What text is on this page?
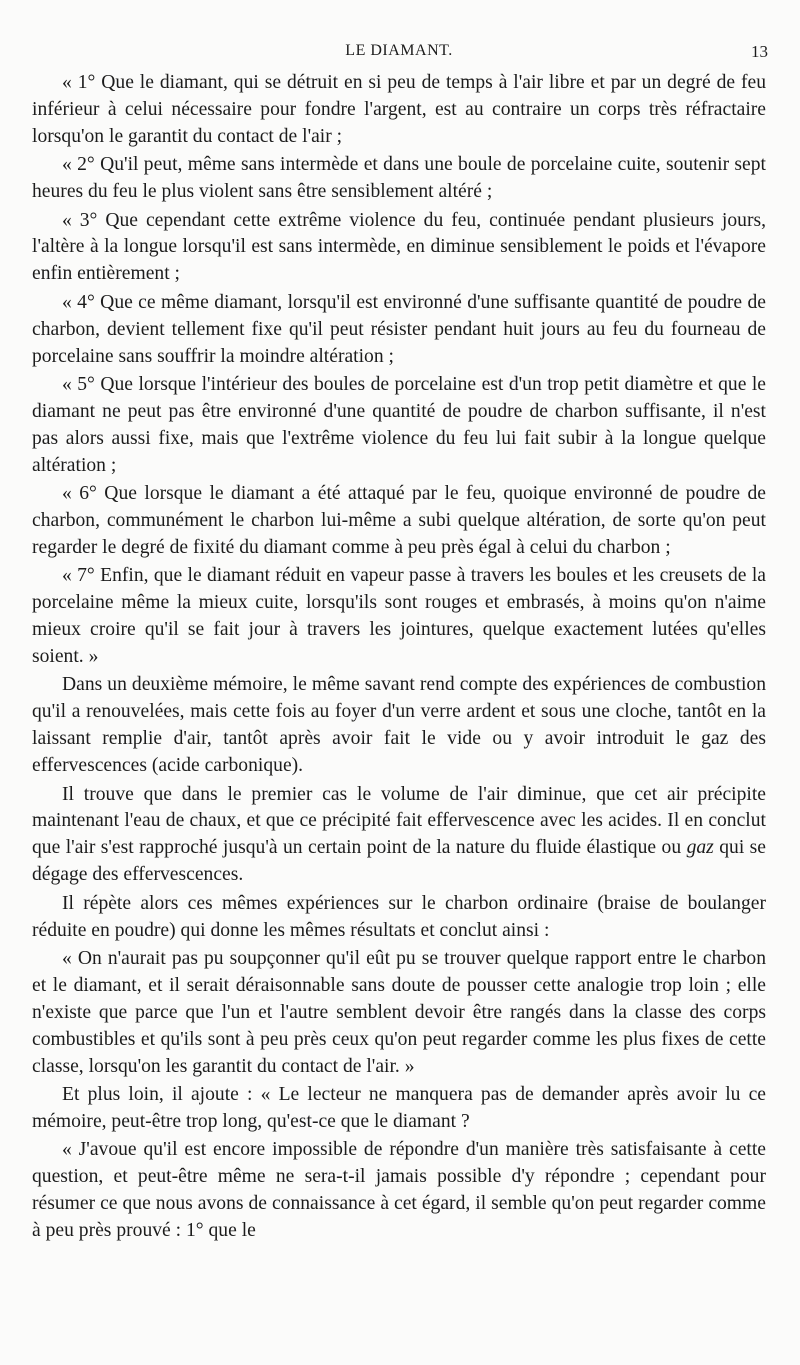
LE DIAMANT.	13

« 1° Que le diamant, qui se détruit en si peu de temps à l'air libre et par un degré de feu inférieur à celui nécessaire pour fondre l'argent, est au contraire un corps très réfractaire lorsqu'on le garantit du contact de l'air ;

« 2° Qu'il peut, même sans intermède et dans une boule de porcelaine cuite, soutenir sept heures du feu le plus violent sans être sensiblement altéré ;

« 3° Que cependant cette extrême violence du feu, continuée pendant plusieurs jours, l'altère à la longue lorsqu'il est sans intermède, en diminue sensiblement le poids et l'évapore enfin entièrement ;

« 4° Que ce même diamant, lorsqu'il est environné d'une suffisante quantité de poudre de charbon, devient tellement fixe qu'il peut résister pendant huit jours au feu du fourneau de porcelaine sans souffrir la moindre altération ;

« 5° Que lorsque l'intérieur des boules de porcelaine est d'un trop petit diamètre et que le diamant ne peut pas être environné d'une quantité de poudre de charbon suffisante, il n'est pas alors aussi fixe, mais que l'extrême violence du feu lui fait subir à la longue quelque altération ;

« 6° Que lorsque le diamant a été attaqué par le feu, quoique environné de poudre de charbon, communément le charbon lui-même a subi quelque altération, de sorte qu'on peut regarder le degré de fixité du diamant comme à peu près égal à celui du charbon ;

« 7° Enfin, que le diamant réduit en vapeur passe à travers les boules et les creusets de la porcelaine même la mieux cuite, lorsqu'ils sont rouges et embrasés, à moins qu'on n'aime mieux croire qu'il se fait jour à travers les jointures, quelque exactement lutées qu'elles soient. »

Dans un deuxième mémoire, le même savant rend compte des expériences de combustion qu'il a renouvelées, mais cette fois au foyer d'un verre ardent et sous une cloche, tantôt en la laissant remplie d'air, tantôt après avoir fait le vide ou y avoir introduit le gaz des effervescences (acide carbonique).

Il trouve que dans le premier cas le volume de l'air diminue, que cet air précipite maintenant l'eau de chaux, et que ce précipité fait effervescence avec les acides. Il en conclut que l'air s'est rapproché jusqu'à un certain point de la nature du fluide élastique ou gaz qui se dégage des effervescences.

Il répète alors ces mêmes expériences sur le charbon ordinaire (braise de boulanger réduite en poudre) qui donne les mêmes résultats et conclut ainsi :

« On n'aurait pas pu soupçonner qu'il eût pu se trouver quelque rapport entre le charbon et le diamant, et il serait déraisonnable sans doute de pousser cette analogie trop loin ; elle n'existe que parce que l'un et l'autre semblent devoir être rangés dans la classe des corps combustibles et qu'ils sont à peu près ceux qu'on peut regarder comme les plus fixes de cette classe, lorsqu'on les garantit du contact de l'air. »

Et plus loin, il ajoute : « Le lecteur ne manquera pas de demander après avoir lu ce mémoire, peut-être trop long, qu'est-ce que le diamant ?

« J'avoue qu'il est encore impossible de répondre d'un manière très satisfaisante à cette question, et peut-être même ne sera-t-il jamais possible d'y répondre ; cependant pour résumer ce que nous avons de connaissance à cet égard, il semble qu'on peut regarder comme à peu près prouvé : 1° que le
